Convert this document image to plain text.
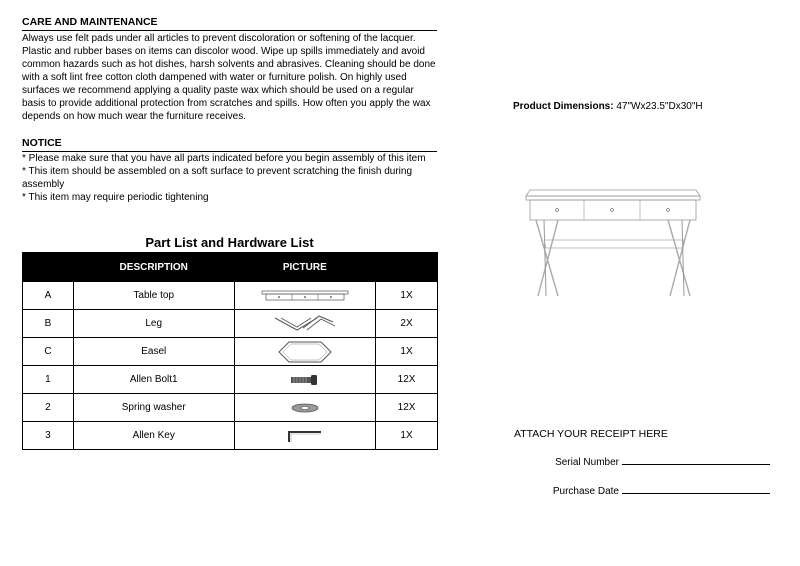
CARE AND MAINTENANCE

Always use felt pads under all articles to prevent discoloration or softening of the lacquer. Plastic and rubber bases on items can discolor wood. Wipe up spills immediately and avoid common hazards such as hot dishes, harsh solvents and abrasives. Cleaning should be done with a soft lint free cotton cloth dampened with water or furniture polish. On highly used surfaces we recommend applying a quality paste wax which should be used on a regular basis to provide additional protection from scratches and spills. How often you apply the wax depends on how much wear the furniture receives.

NOTICE

* Please make sure that you have all parts indicated before you begin assembly of this item

* This item should be assembled on a soft surface to prevent scratching the finish during assembly

* This item may require periodic tightening

Part List and Hardware List
	DESCRIPTION	PICTURE	
A	Table top		1X
B	Leg		2X
C	Easel		1X
1	Allen Bolt1		12X
2	Spring washer		12X
3	Allen Key		1X
Product Dimensions: 47"Wx23.5"Dx30"H
ATTACH YOUR RECEIPT HERE
Serial Number
Purchase Date
